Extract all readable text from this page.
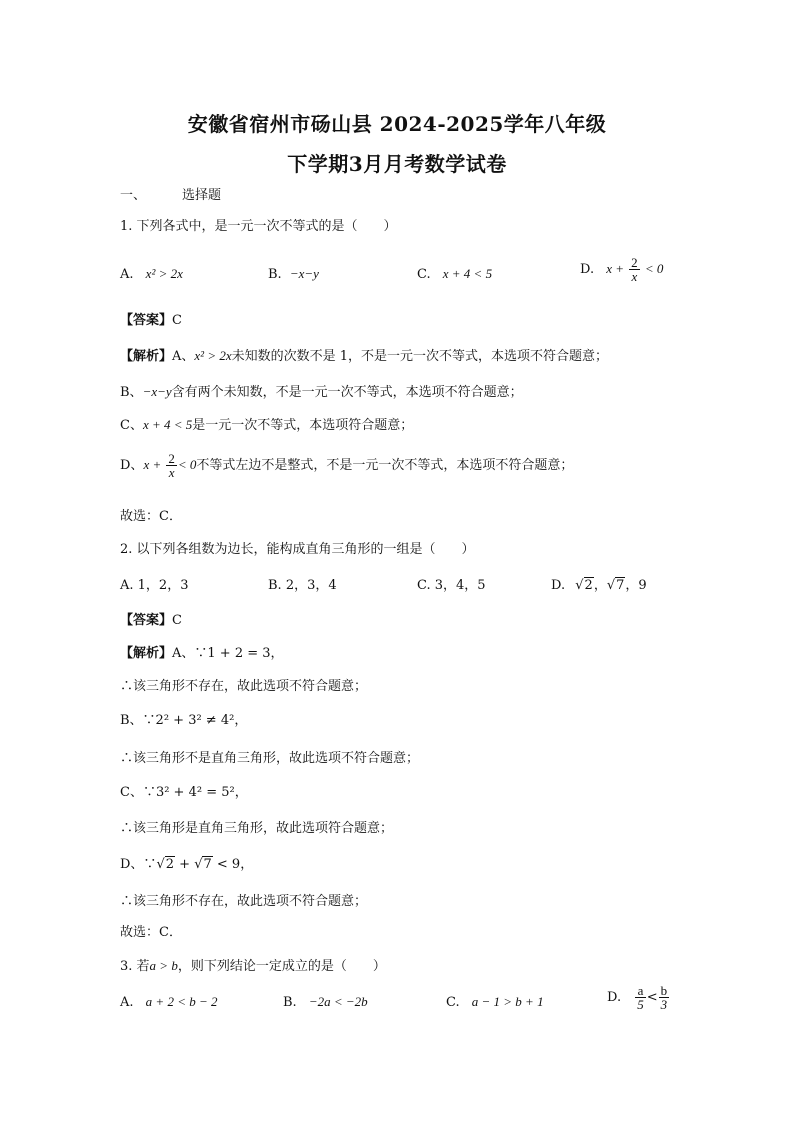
安徽省宿州市砀山县 2024-2025学年八年级
下学期3月月考数学试卷
一、	选择题
1. 下列各式中，是一元一次不等式的是（　　）
A. x² > 2x	B. −x−y	C. x + 4 < 5	D. $x + \frac{2}{x} < 0$
【答案】C
【解析】A、x² > 2x未知数的次数不是 1，不是一元一次不等式，本选项不符合题意；
B、−x−y含有两个未知数，不是一元一次不等式，本选项不符合题意；
C、x + 4 < 5是一元一次不等式，本选项符合题意；
D、$x + \frac{2}{x} < 0$不等式左边不是整式，不是一元一次不等式，本选项不符合题意；
故选：C．
2. 以下列各组数为边长，能构成直角三角形的一组是（　　）
A. 1，2，3	B. 2，3，4	C. 3，4，5	D. √2，√7，9
【答案】C
【解析】A、∵1 + 2 = 3，
∴该三角形不存在，故此选项不符合题意；
B、∵2² + 3² ≠ 4²，
∴该三角形不是直角三角形，故此选项不符合题意；
C、∵3² + 4² = 5²，
∴该三角形是直角三角形，故此选项符合题意；
D、∵√2 + √7 < 9，
∴该三角形不存在，故此选项不符合题意；
故选：C．
3. 若a > b，则下列结论一定成立的是（　　）
A. a + 2 < b − 2	B. −2a < −2b	C. a − 1 > b + 1	D. $\frac{a}{5} < \frac{b}{3}$
